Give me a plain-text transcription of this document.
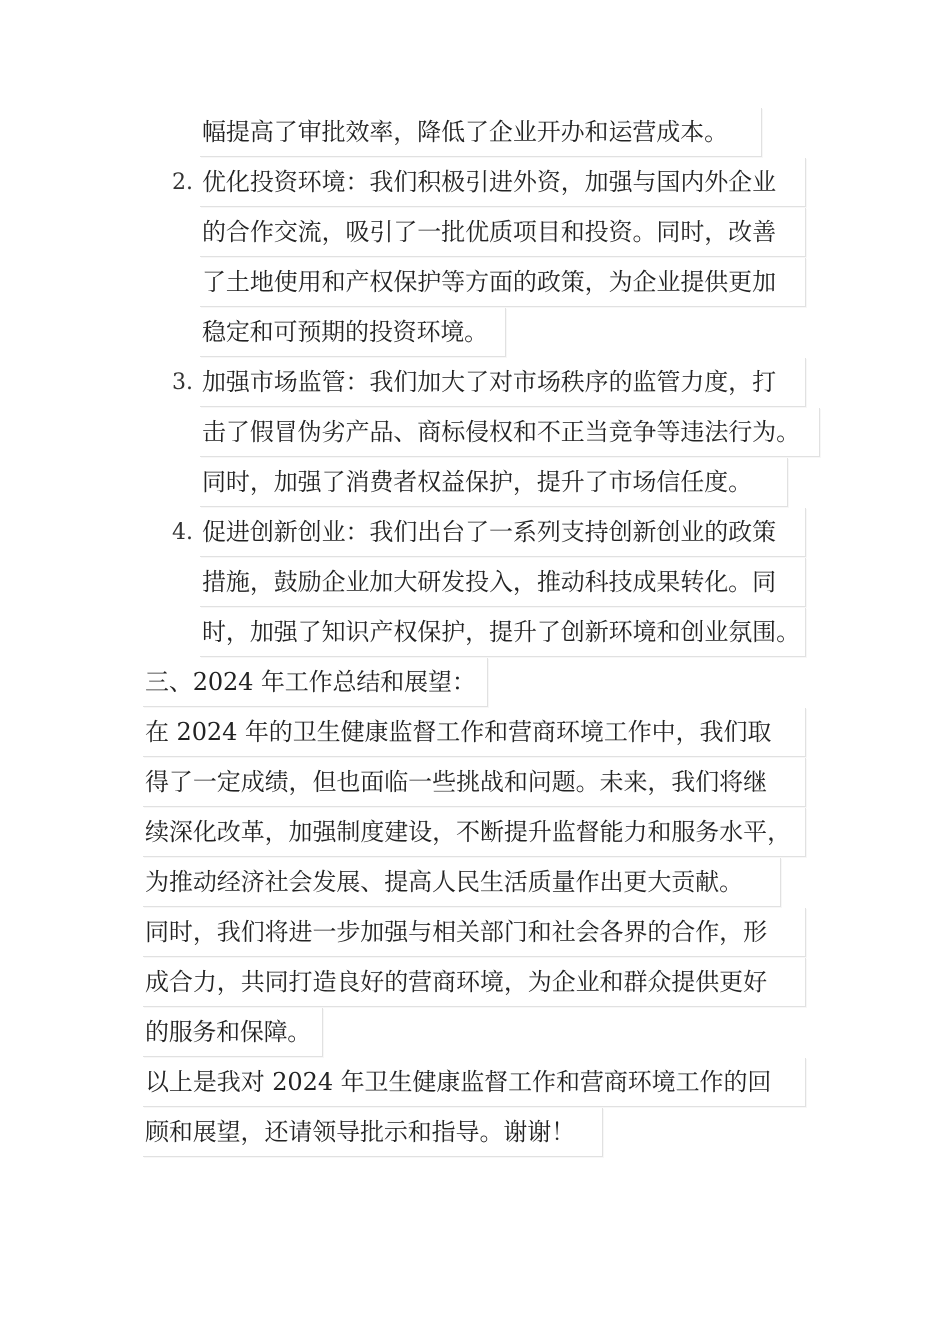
幅提高了审批效率，降低了企业开办和运营成本。
2. 优化投资环境：我们积极引进外资，加强与国内外企业
的合作交流，吸引了一批优质项目和投资。同时，改善
了土地使用和产权保护等方面的政策，为企业提供更加
稳定和可预期的投资环境。
3. 加强市场监管：我们加大了对市场秩序的监管力度，打
击了假冒伪劣产品、商标侵权和不正当竞争等违法行为。
同时，加强了消费者权益保护，提升了市场信任度。
4. 促进创新创业：我们出台了一系列支持创新创业的政策
措施，鼓励企业加大研发投入，推动科技成果转化。同
时，加强了知识产权保护，提升了创新环境和创业氛围。
三、2024 年工作总结和展望：
在 2024 年的卫生健康监督工作和营商环境工作中，我们取
得了一定成绩，但也面临一些挑战和问题。未来，我们将继
续深化改革，加强制度建设，不断提升监督能力和服务水平，
为推动经济社会发展、提高人民生活质量作出更大贡献。
同时，我们将进一步加强与相关部门和社会各界的合作，形
成合力，共同打造良好的营商环境，为企业和群众提供更好
的服务和保障。
以上是我对 2024 年卫生健康监督工作和营商环境工作的回
顾和展望，还请领导批示和指导。谢谢！
